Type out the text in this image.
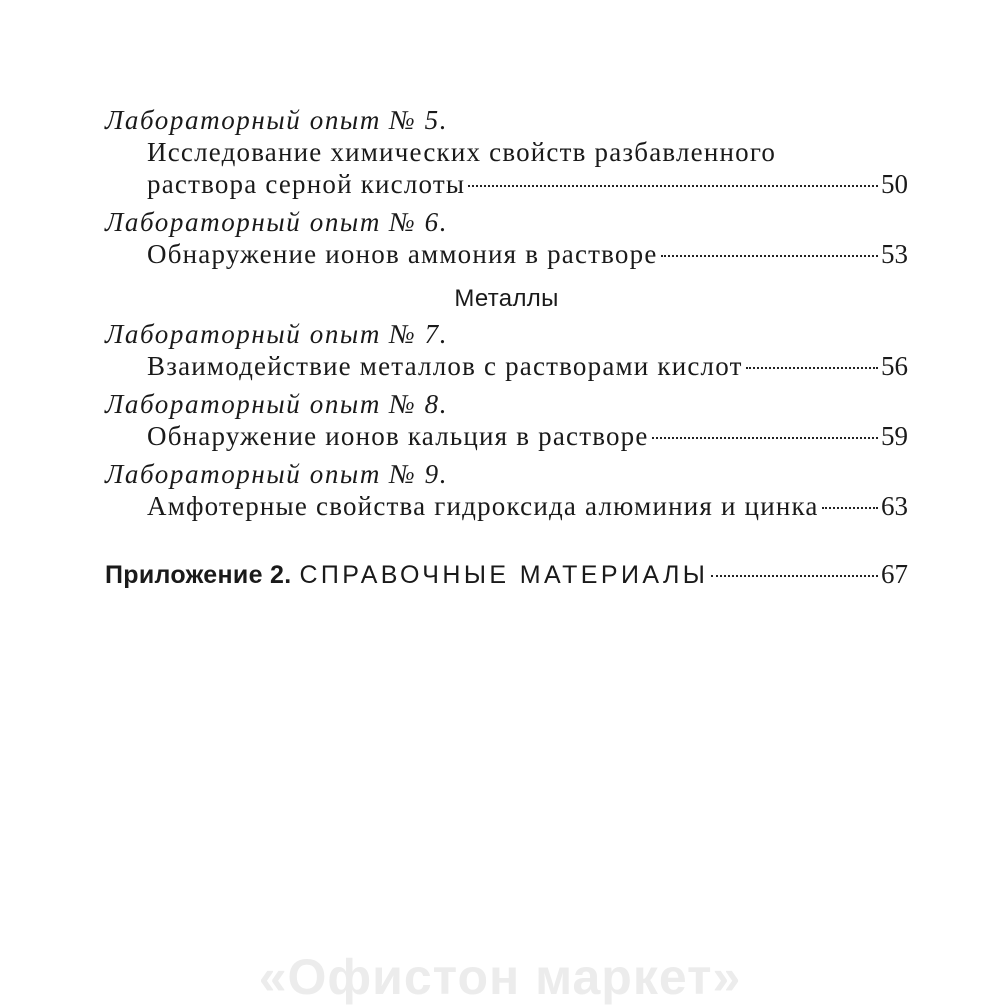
Лабораторный опыт № 5.
Исследование химических свойств разбавленного
раствора серной кислоты	50
Лабораторный опыт № 6.
Обнаружение ионов аммония в растворе	53
Металлы
Лабораторный опыт № 7.
Взаимодействие металлов с растворами кислот	56
Лабораторный опыт № 8.
Обнаружение ионов кальция в растворе	59
Лабораторный опыт № 9.
Амфотерные свойства гидроксида алюминия и цинка 63
Приложение 2. СПРАВОЧНЫЕ МАТЕРИАЛЫ	67
«Офистон маркет»
